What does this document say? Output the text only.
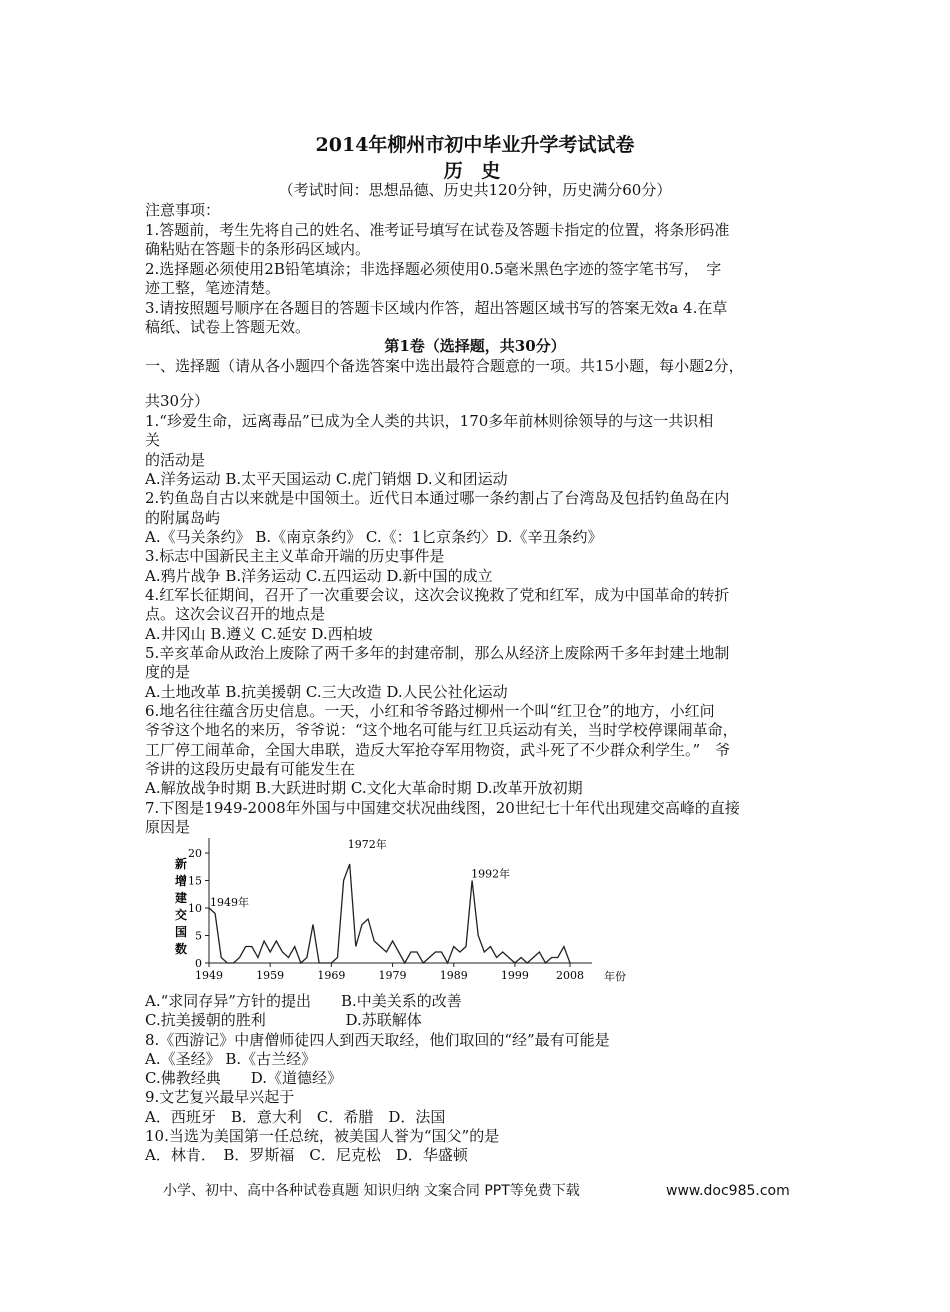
2014年柳州市初中毕业升学考试试卷
历 史
（考试时间：思想品德、历史共120分钟，历史满分60分）
注意事项：
1.答题前，考生先将自己的姓名、准考证号填写在试卷及答题卡指定的位置，将条形码准
确粘贴在答题卡的条形码区域内。
2.选择题必须使用2B铅笔填涂；非选择题必须使用0.5毫米黑色字迹的签字笔书写，　字
迹工整，笔迹清楚。
3.请按照题号顺序在各题目的答题卡区域内作答，超出答题区域书写的答案无效a 4.在草
稿纸、试卷上答题无效。
第1卷（选择题，共30分）
一、选择题（请从各小题四个备选答案中选出最符合题意的一项。共15小题，每小题2分，
共30分）
1.“珍爱生命，远离毒品”已成为全人类的共识，170多年前林则徐领导的与这一共识相
关
的活动是
A.洋务运动 B.太平天国运动 C.虎门销烟 D.义和团运动
2.钓鱼岛自古以来就是中国领土。近代日本通过哪一条约割占了台湾岛及包括钓鱼岛在内
的附属岛屿
A.《马关条约》 B.《南京条约》 C.《：1匕京条约〉D.《辛丑条约》
3.标志中国新民主主义革命开端的历史事件是
A.鸦片战争 B.洋务运动 C.五四运动 D.新中国的成立
4.红军长征期间，召开了一次重要会议，这次会议挽救了党和红军，成为中国革命的转折
点。这次会议召开的地点是
A.井冈山 B.遵义 C.延安 D.西柏坡
5.辛亥革命从政治上废除了两千多年的封建帝制，那么从经济上废除两千多年封建土地制
度的是
A.土地改革 B.抗美援朝 C.三大改造 D.人民公社化运动
6.地名往往蕴含历史信息。一天，小红和爷爷路过柳州一个叫“红卫仓”的地方，小红问
爷爷这个地名的来历，爷爷说：“这个地名可能与红卫兵运动有关，当时学校停课闹革命，
工厂停工闹革命，全国大串联，造反大军抢夺军用物资，武斗死了不少群众利学生。”　爷
爷讲的这段历史最有可能发生在
A.解放战争时期 B.大跃进时期 C.文化大革命时期 D.改革开放初期
7.下图是1949-2008年外国与中国建交状况曲线图，20世纪七十年代出现建交高峰的直接
原因是
0
5
10
15
20
1949	1959	1969	1979	1989	1999 2008
新
增
建
交
国
数
年份
1949年
1972年
1992年
A.“求同存异”方针的提出　　B.中美关系的改善
C.抗美援朝的胜利　　　　　 D.苏联解体
8.《西游记》中唐僧师徒四人到西天取经，他们取回的“经”最有可能是
A.《圣经》 B.《古兰经》
C.佛教经典　　D.《道德经》
9.文艺复兴最早兴起于
A．西班牙　B．意大利　C．希腊　D．法国
10.当选为美国第一任总统，被美国人誉为“国父”的是
A．林肯．　B．罗斯福　C．尼克松　D．华盛顿
小学、初中、高中各种试卷真题 知识归纳 文案合同 PPT等免费下载	www.doc985.com
